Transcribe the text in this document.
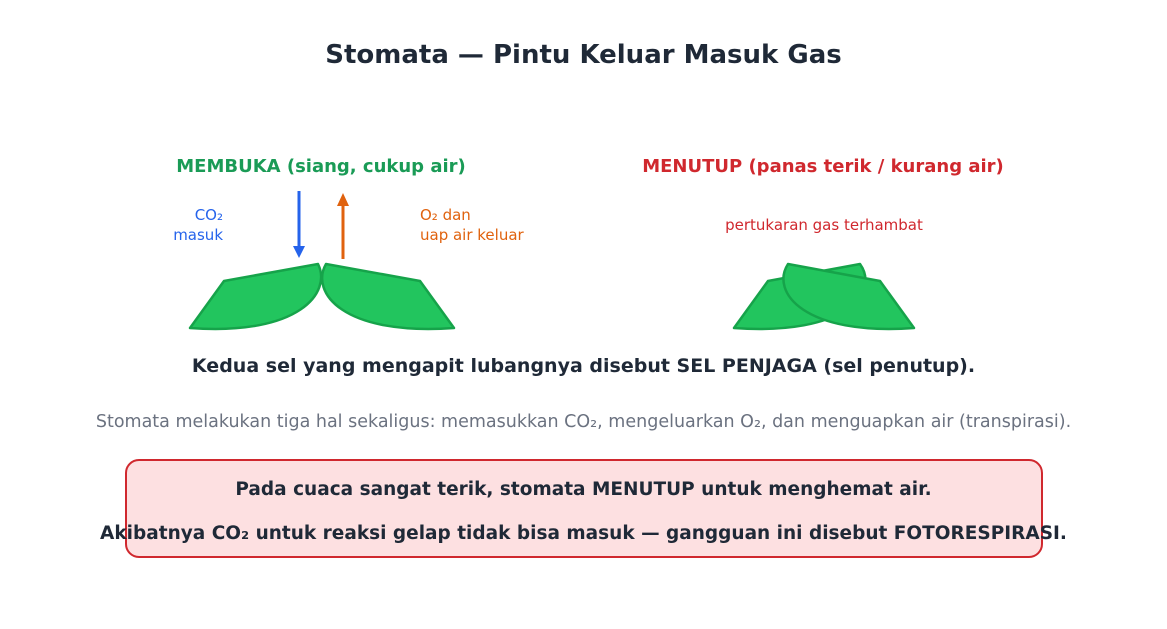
Stomata — Pintu Keluar Masuk Gas
MEMBUKA (siang, cukup air)	MENUTUP (panas terik / kurang air)
CO₂
masuk
O₂ dan
uap air keluar
pertukaran gas terhambat
Kedua sel yang mengapit lubangnya disebut SEL PENJAGA (sel penutup).
Stomata melakukan tiga hal sekaligus: memasukkan CO₂, mengeluarkan O₂, dan menguapkan air (transpirasi).
Pada cuaca sangat terik, stomata MENUTUP untuk menghemat air.
Akibatnya CO₂ untuk reaksi gelap tidak bisa masuk — gangguan ini disebut FOTORESPIRASI.
